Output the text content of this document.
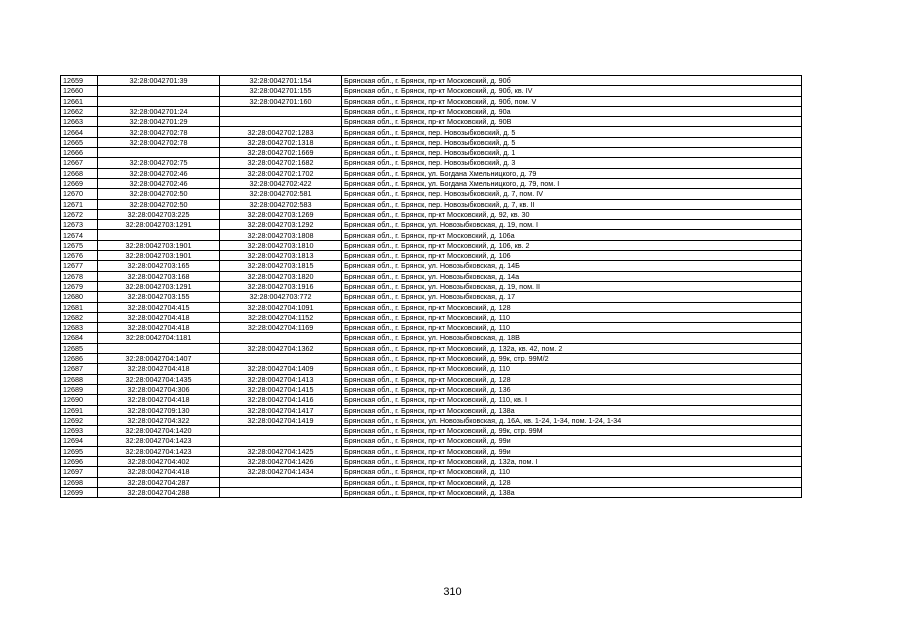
12659	32:28:0042701:39	32:28:0042701:154	Брянская обл., г. Брянск, пр-кт Московский, д. 90б
12660		32:28:0042701:155	Брянская обл., г. Брянск, пр-кт Московский, д. 90б, кв. IV
12661		32:28:0042701:160	Брянская обл., г. Брянск, пр-кт Московский, д. 90б, пом. V
12662	32:28:0042701:24		Брянская обл., г. Брянск, пр-кт Московский, д. 90а
12663	32:28:0042701:29		Брянская обл., г. Брянск, пр-кт Московский, д. 90В
12664	32:28:0042702:78	32:28:0042702:1283	Брянская обл., г. Брянск, пер. Новозыбковский, д. 5
12665	32:28:0042702:78	32:28:0042702:1318	Брянская обл., г. Брянск, пер. Новозыбковский, д. 5
12666		32:28:0042702:1669	Брянская обл., г. Брянск, пер. Новозыбковский, д. 1
12667	32:28:0042702:75	32:28:0042702:1682	Брянская обл., г. Брянск, пер. Новозыбковский, д. 3
12668	32:28:0042702:46	32:28:0042702:1702	Брянская обл., г. Брянск, ул. Богдана Хмельницкого, д. 79
12669	32:28:0042702:46	32:28:0042702:422	Брянская обл., г. Брянск, ул. Богдана Хмельницкого, д. 79, пом. I
12670	32:28:0042702:50	32:28:0042702:581	Брянская обл., г. Брянск, пер. Новозыбковский, д. 7, пом. IV
12671	32:28:0042702:50	32:28:0042702:583	Брянская обл., г. Брянск, пер. Новозыбковский, д. 7, кв. II
12672	32:28:0042703:225	32:28:0042703:1269	Брянская обл., г. Брянск, пр-кт Московский, д. 92, кв. 30
12673	32:28:0042703:1291	32:28:0042703:1292	Брянская обл., г. Брянск, ул. Новозыбковская, д. 19, пом. I
12674		32:28:0042703:1808	Брянская обл., г. Брянск, пр-кт Московский, д. 106а
12675	32:28:0042703:1901	32:28:0042703:1810	Брянская обл., г. Брянск, пр-кт Московский, д. 106, кв. 2
12676	32:28:0042703:1901	32:28:0042703:1813	Брянская обл., г. Брянск, пр-кт Московский, д. 106
12677	32:28:0042703:165	32:28:0042703:1815	Брянская обл., г. Брянск, ул. Новозыбковская, д. 14Б
12678	32:28:0042703:168	32:28:0042703:1820	Брянская обл., г. Брянск, ул. Новозыбковская, д. 14а
12679	32:28:0042703:1291	32:28:0042703:1916	Брянская обл., г. Брянск, ул. Новозыбковская, д. 19, пом. II
12680	32:28:0042703:155	32:28:0042703:772	Брянская обл., г. Брянск, ул. Новозыбковская, д. 17
12681	32:28:0042704:415	32:28:0042704:1091	Брянская обл., г. Брянск, пр-кт Московский, д. 128
12682	32:28:0042704:418	32:28:0042704:1152	Брянская обл., г. Брянск, пр-кт Московский, д. 110
12683	32:28:0042704:418	32:28:0042704:1169	Брянская обл., г. Брянск, пр-кт Московский, д. 110
12684	32:28:0042704:1181		Брянская обл., г. Брянск, ул. Новозыбковская, д. 18В
12685		32:28:0042704:1362	Брянская обл., г. Брянск, пр-кт Московский, д. 132а, кв. 42, пом. 2
12686	32:28:0042704:1407		Брянская обл., г. Брянск, пр-кт Московский, д. 99к, стр. 99М/2
12687	32:28:0042704:418	32:28:0042704:1409	Брянская обл., г. Брянск, пр-кт Московский, д. 110
12688	32:28:0042704:1435	32:28:0042704:1413	Брянская обл., г. Брянск, пр-кт Московский, д. 128
12689	32:28:0042704:306	32:28:0042704:1415	Брянская обл., г. Брянск, пр-кт Московский, д. 136
12690	32:28:0042704:418	32:28:0042704:1416	Брянская обл., г. Брянск, пр-кт Московский, д. 110, кв. I
12691	32:28:0042709:130	32:28:0042704:1417	Брянская обл., г. Брянск, пр-кт Московский, д. 138а
12692	32:28:0042704:322	32:28:0042704:1419	Брянская обл., г. Брянск, ул. Новозыбковская, д. 16А, кв. 1-24, 1-34, пом. 1-24, 1-34
12693	32:28:0042704:1420		Брянская обл., г. Брянск, пр-кт Московский, д. 99к, стр. 99М
12694	32:28:0042704:1423		Брянская обл., г. Брянск, пр-кт Московский, д. 99и
12695	32:28:0042704:1423	32:28:0042704:1425	Брянская обл., г. Брянск, пр-кт Московский, д. 99и
12696	32:28:0042704:402	32:28:0042704:1426	Брянская обл., г. Брянск, пр-кт Московский, д. 132а, пом. I
12697	32:28:0042704:418	32:28:0042704:1434	Брянская обл., г. Брянск, пр-кт Московский, д. 110
12698	32:28:0042704:287		Брянская обл., г. Брянск, пр-кт Московский, д. 128
12699	32:28:0042704:288		Брянская обл., г. Брянск, пр-кт Московский, д. 138а
310
